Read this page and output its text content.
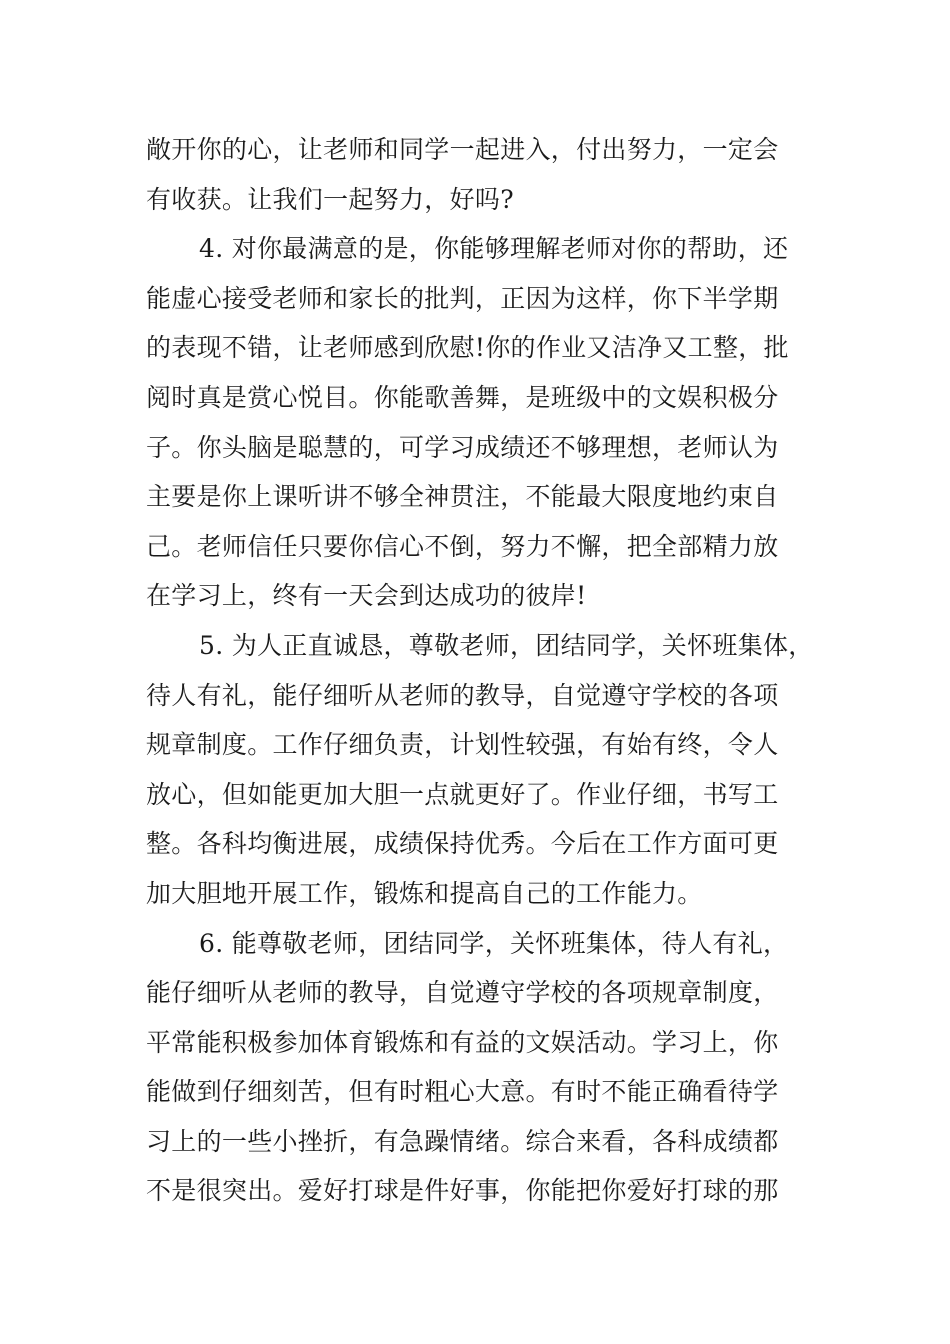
敞开你的心，让老师和同学一起进入，付出努力，一定会
有收获。让我们一起努力，好吗?
4. 对你最满意的是，你能够理解老师对你的帮助，还
能虚心接受老师和家长的批判，正因为这样，你下半学期
的表现不错，让老师感到欣慰!你的作业又洁净又工整，批
阅时真是赏心悦目。你能歌善舞，是班级中的文娱积极分
子。你头脑是聪慧的，可学习成绩还不够理想，老师认为
主要是你上课听讲不够全神贯注，不能最大限度地约束自
己。老师信任只要你信心不倒，努力不懈，把全部精力放
在学习上，终有一天会到达成功的彼岸!
5. 为人正直诚恳，尊敬老师，团结同学，关怀班集体，
待人有礼，能仔细听从老师的教导，自觉遵守学校的各项
规章制度。工作仔细负责，计划性较强，有始有终，令人
放心，但如能更加大胆一点就更好了。作业仔细，书写工
整。各科均衡进展，成绩保持优秀。今后在工作方面可更
加大胆地开展工作，锻炼和提高自己的工作能力。
6. 能尊敬老师，团结同学，关怀班集体，待人有礼，
能仔细听从老师的教导，自觉遵守学校的各项规章制度，
平常能积极参加体育锻炼和有益的文娱活动。学习上，你
能做到仔细刻苦，但有时粗心大意。有时不能正确看待学
习上的一些小挫折，有急躁情绪。综合来看，各科成绩都
不是很突出。爱好打球是件好事，你能把你爱好打球的那
